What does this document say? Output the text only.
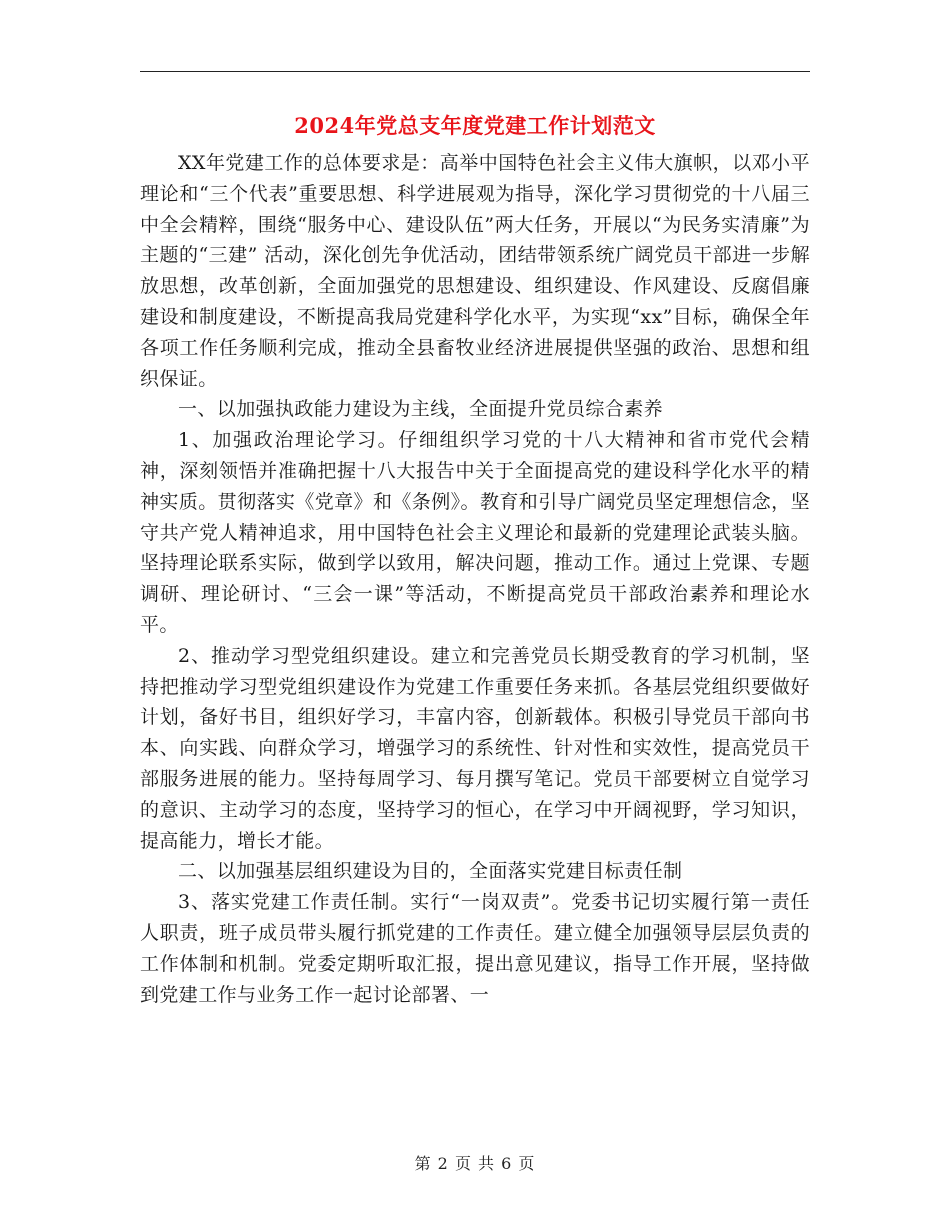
2024年党总支年度党建工作计划范文

XX年党建工作的总体要求是：高举中国特色社会主义伟大旗帜，以邓小平理论和“三个代表”重要思想、科学进展观为指导，深化学习贯彻党的十八届三中全会精粹，围绕“服务中心、建设队伍”两大任务，开展以“为民务实清廉”为主题的“三建” 活动，深化创先争优活动，团结带领系统广阔党员干部进一步解放思想，改革创新，全面加强党的思想建设、组织建设、作风建设、反腐倡廉建设和制度建设，不断提高我局党建科学化水平，为实现“xx”目标，确保全年各项工作任务顺利完成，推动全县畜牧业经济进展提供坚强的政治、思想和组织保证。

一、以加强执政能力建设为主线，全面提升党员综合素养

1、加强政治理论学习。仔细组织学习党的十八大精神和省市党代会精神，深刻领悟并准确把握十八大报告中关于全面提高党的建设科学化水平的精神实质。贯彻落实《党章》和《条例》。教育和引导广阔党员坚定理想信念，坚守共产党人精神追求，用中国特色社会主义理论和最新的党建理论武装头脑。坚持理论联系实际，做到学以致用，解决问题，推动工作。通过上党课、专题调研、理论研讨、“三会一课”等活动，不断提高党员干部政治素养和理论水平。

2、推动学习型党组织建设。建立和完善党员长期受教育的学习机制，坚持把推动学习型党组织建设作为党建工作重要任务来抓。各基层党组织要做好计划，备好书目，组织好学习，丰富内容，创新载体。积极引导党员干部向书本、向实践、向群众学习，增强学习的系统性、针对性和实效性，提高党员干部服务进展的能力。坚持每周学习、每月撰写笔记。党员干部要树立自觉学习的意识、主动学习的态度，坚持学习的恒心，在学习中开阔视野，学习知识，提高能力，增长才能。

二、以加强基层组织建设为目的，全面落实党建目标责任制

3、落实党建工作责任制。实行“一岗双责”。党委书记切实履行第一责任人职责，班子成员带头履行抓党建的工作责任。建立健全加强领导层层负责的工作体制和机制。党委定期听取汇报，提出意见建议，指导工作开展，坚持做到党建工作与业务工作一起讨论部署、一

第 2 页 共 6 页
